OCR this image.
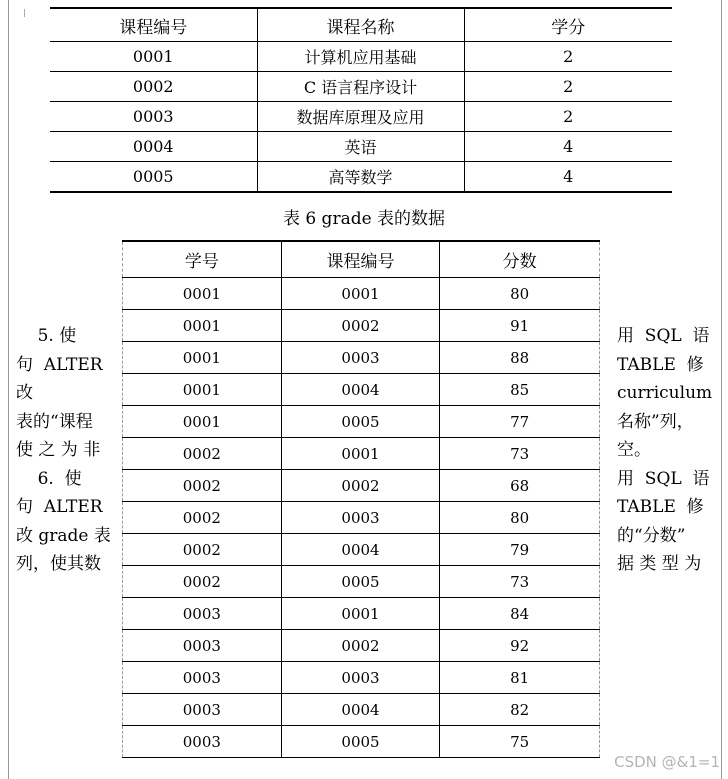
课程编号	课程名称	学分
0001	计算机应用基础	2
0002	C 语言程序设计	2
0003	数据库原理及应用	2
0004	英语	4
0005	高等数学	4
表 6 grade 表的数据
学号	课程编号	分数
0001	0001	80
0001	0002	91
0001	0003	88
0001	0004	85
0001	0005	77
0002	0001	73
0002	0002	68
0002	0003	80
0002	0004	79
0002	0005	73
0003	0001	84
0003	0002	92
0003	0003	81
0003	0004	82
0003	0005	75
5. 使
句  ALTER
改
表的“课程
使 之 为 非
6.  使
句  ALTER
改 grade 表
列，使其数
用  SQL  语
TABLE  修
curriculum
名称”列，
空。
用  SQL  语
TABLE  修
的“分数”
据 类 型 为
CSDN @&1=1
